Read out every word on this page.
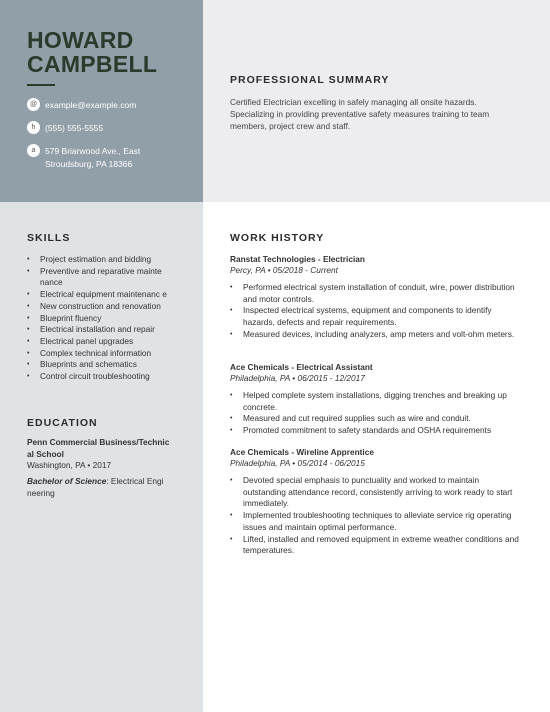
HOWARD
CAMPBELL
@ example@example.com
h	(555) 555-5555
a	579 Briarwood Ave., East Stroudsburg, PA 18366
PROFESSIONAL SUMMARY
Certified Electrician excelling in safely managing all onsite hazards. Specializing in providing preventative safety measures training to team members, project crew and staff.
SKILLS
• Project estimation and bidding
• Preventive and reparative mainte nance
• Electrical equipment maintenanc e
• New construction and renovation
• Blueprint fluency
• Electrical installation and repair
• Electrical panel upgrades
• Complex technical information
• Blueprints and schematics
• Control circuit troubleshooting
EDUCATION
Penn Commercial Business/Technic al School
Washington, PA • 2017
Bachelor of Science: Electrical Engi neering
WORK HISTORY
Ranstat Technologies - Electrician
Percy, PA • 05/2018 - Current
• Performed electrical system installation of conduit, wire, power distribution and motor controls.
• Inspected electrical systems, equipment and components to identify hazards, defects and repair requirements.
• Measured devices, including analyzers, amp meters and volt-ohm meters.
Ace Chemicals - Electrical Assistant
Philadelphia, PA • 06/2015 - 12/2017
• Helped complete system installations, digging trenches and breaking up concrete.
• Measured and cut required supplies such as wire and conduit.
• Promoted commitment to safety standards and OSHA requirements
Ace Chemicals - Wireline Apprentice
Philadelphia, PA • 05/2014 - 06/2015
• Devoted special emphasis to punctuality and worked to maintain outstanding attendance record, consistently arriving to work ready to start immediately.
• Implemented troubleshooting techniques to alleviate service rig operating issues and maintain optimal performance.
• Lifted, installed and removed equipment in extreme weather conditions and temperatures.
